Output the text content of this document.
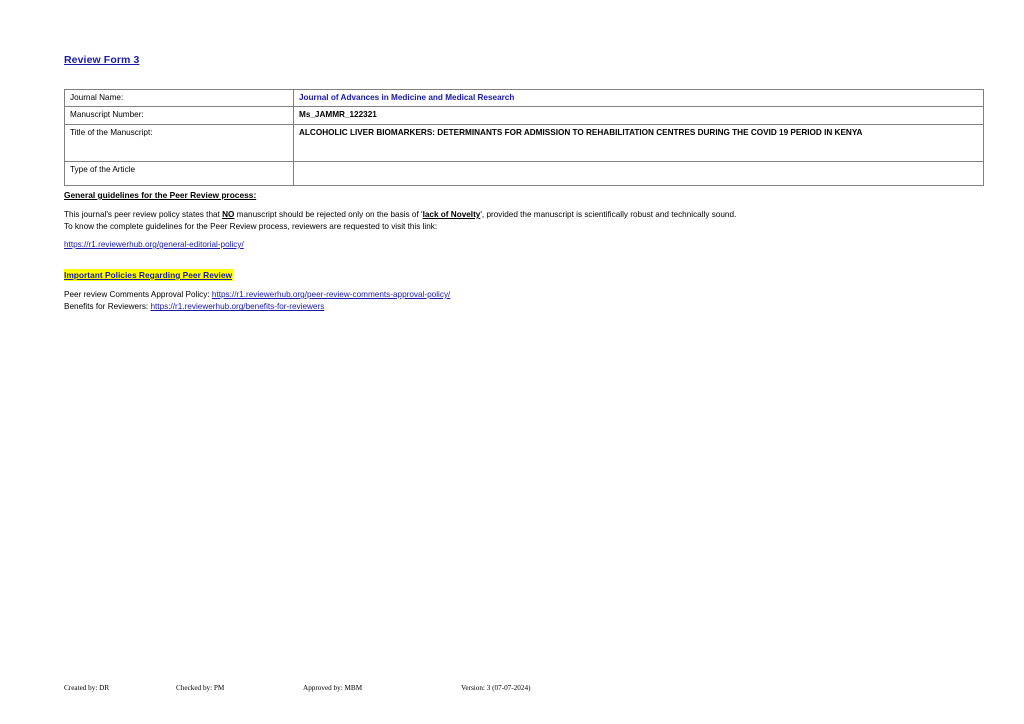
Review Form 3
Journal Name:	Journal of Advances in Medicine and Medical Research
Manuscript Number:	Ms_JAMMR_122321
Title of the Manuscript:	ALCOHOLIC LIVER BIOMARKERS: DETERMINANTS FOR ADMISSION TO REHABILITATION CENTRES DURING THE COVID 19 PERIOD IN KENYA
Type of the Article	
General guidelines for the Peer Review process:
This journal's peer review policy states that NO manuscript should be rejected only on the basis of 'lack of Novelty', provided the manuscript is scientifically robust and technically sound.
To know the complete guidelines for the Peer Review process, reviewers are requested to visit this link:
https://r1.reviewerhub.org/general-editorial-policy/
Important Policies Regarding Peer Review
Peer review Comments Approval Policy: https://r1.reviewerhub.org/peer-review-comments-approval-policy/
Benefits for Reviewers: https://r1.reviewerhub.org/benefits-for-reviewers
Created by: DR	Checked by: PM	Approved by: MBM	Version: 3 (07-07-2024)
